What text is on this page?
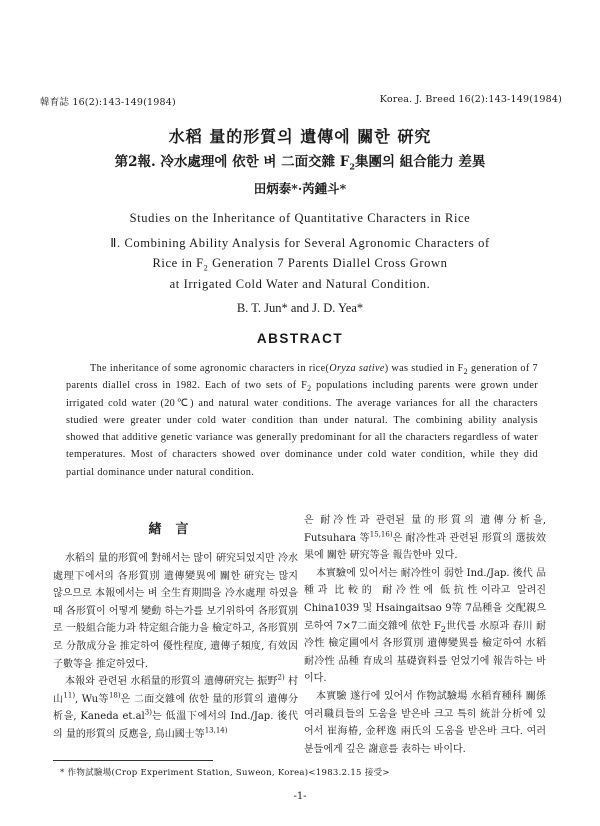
韓育誌 16(2):143-149(1984)	Korea. J. Breed 16(2):143-149(1984)
水稻 量的形質의 遺傳에 關한 硏究
第2報. 冷水處理에 依한 벼 二面交雜 $F_2$集團의 組合能力 差異
田炳泰*·芮鍾斗*
Studies on the Inheritance of Quantitative Characters in Rice
Ⅱ. Combining Ability Analysis for Several Agronomic Characters of
Rice in $F_2$ Generation 7 Parents Diallel Cross Grown
at Irrigated Cold Water and Natural Condition.
B. T. Jun* and J. D. Yea*
ABSTRACT

The inheritance of some agronomic characters in rice(Oryza sative) was studied in $F_2$ generation of 7 parents diallel cross in 1982. Each of two sets of $F_2$ populations including parents were grown under irrigated cold water (20℃) and natural water conditions. The average variances for all the characters studied were greater under cold water condition than under natural. The combining ability analysis showed that additive genetic variance was generally predominant for all the characters regardless of water temperatures. Most of characters showed over dominance under cold water condition, while they did partial dominance under natural condition.

緖言

水稻의 量的形質에 對해서는 많이 硏究되었지만 冷水處理下에서의 各形質別 遺傳變異에 關한 硏究는 많지 않으므로 本報에서는 벼 全生育期間을 冷水處理 하였을때 各形質이 어떻게 變動 하는가를 보기위하여 各形質別로 一般組合能力과 特定組合能力을 檢定하고, 各形質別로 分散成分을 推定하여 優性程度, 遺傳子頻度, 有效因子數等을 推定하였다.

本報와 관련된 水稻量的形質의 遺傳硏究는 振野$^{2)}$ 村山$^{11)}$, Wu等$^{18)}$은 二面交雜에 依한 量的形質의 遺傳分析을, Kaneda $et.al^{3)}$는 低溫下에서의 Ind./Jap. 後代의 量的形質의 反應을, 鳥山國士等$^{13,14)}$

은 耐冷性과 관련된 量的形質의 遺傳分析을, Futsuhara 等$^{15,16)}$은 耐冷性과 관련된 形質의 選拔效果에 關한 硏究等을 報告한바 있다.

本實驗에 있어서는 耐冷性이 弱한 Ind./Jap. 後代 品種과 比較的 耐冷性에 低抗性이라고 알려진 China1039 및 Hsaingaitsao 9等 7品種을 交配親으로하여 7×7二面交雜에 依한 $F_2$世代를 水原과 春川 耐冷性 檢定圃에서 各形質別 遺傳變異를 檢定하여 水稻 耐冷性 品種 育成의 基礎資料를 얻었기에 報告하는 바이다.

本實驗 遂行에 있어서 作物試驗場 水稻育種科 關係 여러職員들의 도움을 받은바 크고 특히 統計分析에 있어서 崔海椿, 金秤逸 兩氏의 도움을 받은바 크다. 여러분들에게 깊은 謝意를 表하는 바이다.

* 作物試驗場(Crop Experiment Station, Suweon, Korea)<1983.2.15 接受>
-1-
